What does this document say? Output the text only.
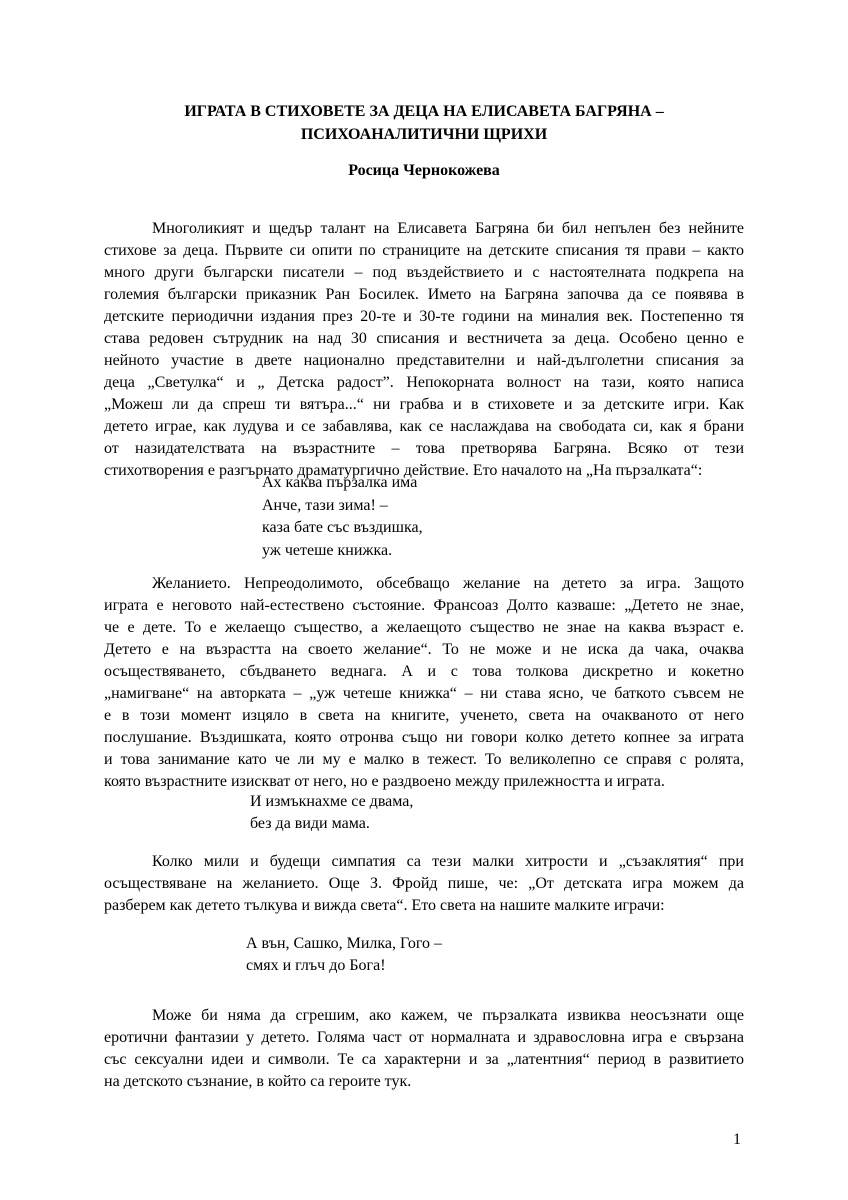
ИГРАТА В СТИХОВЕТЕ ЗА ДЕЦА НА ЕЛИСАВЕТА БАГРЯНА –
ПСИХОАНАЛИТИЧНИ ЩРИХИ
Росица Чернокожева
Многоликият и щедър талант на Елисавета Багряна би бил непълен без нейните
стихове за деца. Първите си опити по страниците на детските списания тя прави – както
много други български писатели – под въздействието и с настоятелната подкрепа на
големия български приказник Ран Босилек. Името на Багряна започва да се появява в
детските периодични издания през 20-те и 30-те години на миналия век. Постепенно тя
става редовен сътрудник на над 30 списания и вестничета за деца. Особено ценно е
нейното участие в двете национално представителни и най-дълголетни списания за
деца „Светулка“ и „ Детска радост”. Непокорната волност на тази, която написа
„Можеш ли да спреш ти вятъра...“ ни грабва и в стиховете и за детските игри. Как
детето играе, как лудува и се забавлява, как се наслаждава на свободата си, как я брани
от назидателствата на възрастните – това претворява Багряна. Всяко от тези
стихотворения е разгърнато драматургично действие. Ето началото на „На пързалката“:
Ах каква пързалка има
Анче, тази зима! –
каза бате със въздишка,
уж четеше книжка.
Желанието. Непреодолимото, обсебващо желание на детето за игра. Защото
играта е неговото най-естествено състояние. Франсоаз Долто казваше: „Детето не знае,
че е дете. То е желаещо същество, а желаещото същество не знае на каква възраст е.
Детето е на възрастта на своето желание“. То не може и не иска да чака, очаква
осъществяването, сбъдването веднага. А и с това толкова дискретно и кокетно
„намигване“ на авторката – „уж четеше книжка“ – ни става ясно, че баткото съвсем не
е в този момент изцяло в света на книгите, ученето, света на очакваното от него
послушание. Въздишката, която отронва също ни говори колко детето копнее за играта
и това занимание като че ли му е малко в тежест. То великолепно се справя с ролята,
която възрастните изискват от него, но е раздвоено между прилежността и играта.
И измъкнахме се двама,
без да види мама.
Колко мили и будещи симпатия са тези малки хитрости и „съзаклятия“ при
осъществяване на желанието. Още З. Фройд пише, че: „От детската игра можем да
разберем как детето тълкува и вижда света“. Ето света на нашите малките играчи:
А вън, Сашко, Милка, Гого –
смях и глъч до Бога!
Може би няма да сгрешим, ако кажем, че пързалката извиква неосъзнати още
еротични фантазии у детето. Голяма част от нормалната и здравословна игра е свързана
със сексуални идеи и символи. Те са характерни и за „латентния“ период в развитието
на детското съзнание, в който са героите тук.
1
